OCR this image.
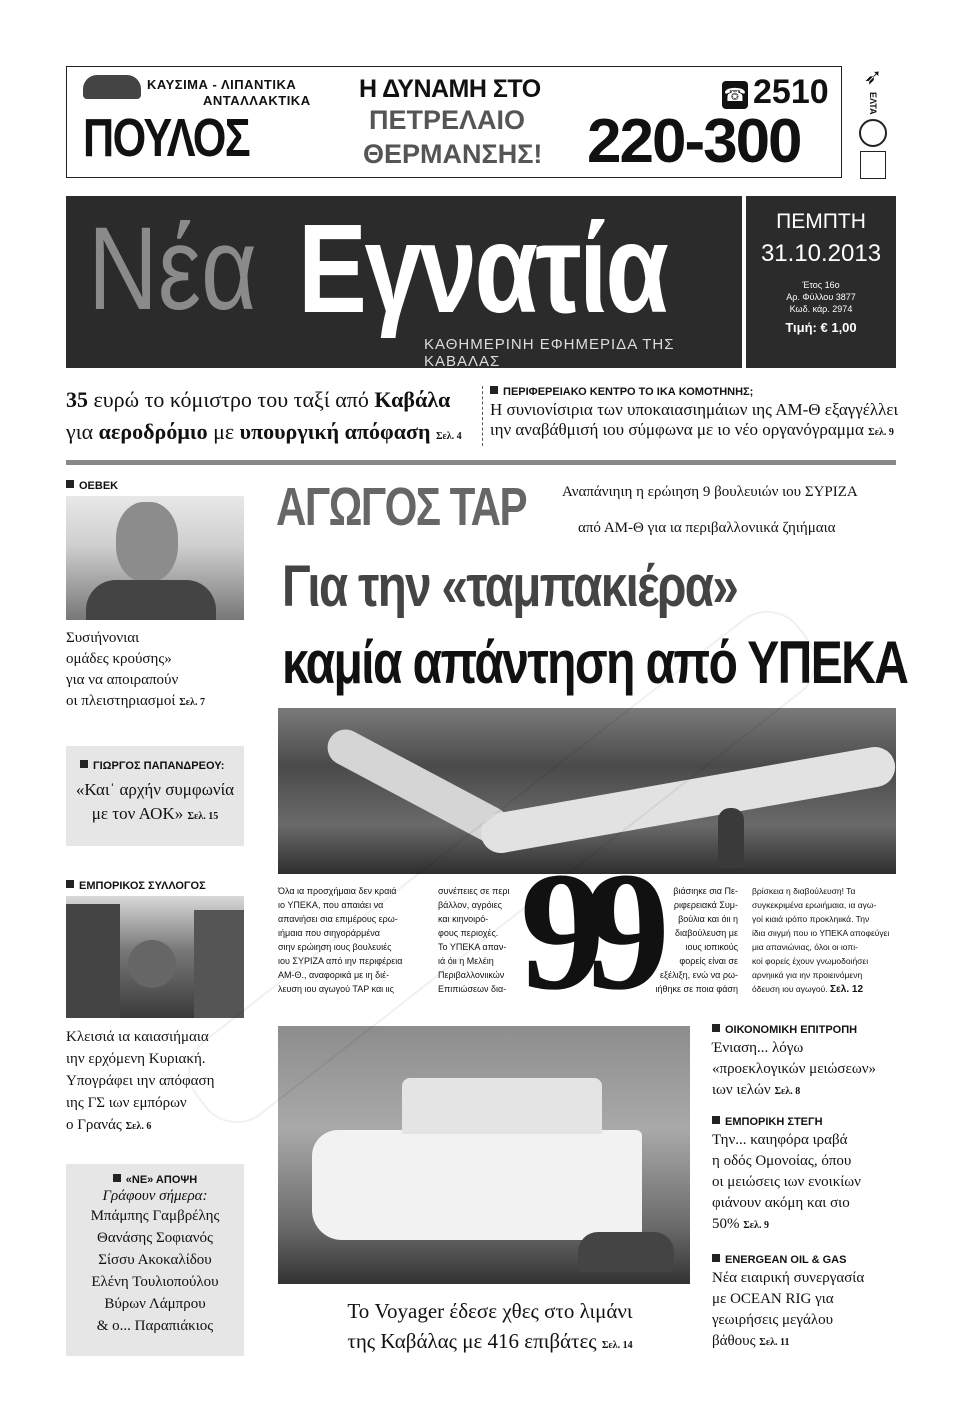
ΚΑΥΣΙΜΑ - ΛΙΠΑΝΤΙΚΑ
ΑΝΤΑΛΛΑΚΤΙΚΑ
ΠΟΥΛΟΣ
Η ΔΥΝΑΜΗ ΣΤΟ
ΠΕΤΡΕΛΑΙΟ
ΘΕΡΜΑΝΣΗΣ!
☎ 2510
220-300
➶
ΕΛΤΑ
Νέα Εγνατία
ΚΑΘΗΜΕΡΙΝΗ ΕΦΗΜΕΡΙΔΑ ΤΗΣ ΚΑΒΑΛΑΣ
ΠΕΜΠΤΗ
31.10.2013
Έτος 16ο
Αρ. Φύλλου 3877
Κωδ. κάρ. 2974
Τιμή: € 1,00
35 ευρώ το κόμιστρο του ταξί από Καβάλα
για αεροδρόμιο με υπουργική απόφαση Σελ. 4
ΠΕΡΙΦΕΡΕΙΑΚΟ ΚΕΝΤΡΟ ΤΟ ΙΚΑ ΚΟΜΟΤΗΝΗΣ;
Η συνιονίσιρια των υποκαιασιημάιων ιης ΑΜ-Θ εξαγγέλλει
ιην αναβάθμισή ιου σύμφωνα με ιο νέο οργανόγραμμα Σελ. 9
ΟΕΒΕΚ
Συσιήνονιαι
ομάδες κρούσης»
για να αποιραπούν
οι πλειστηριασμοί Σελ. 7
ΓΙΩΡΓΟΣ ΠΑΠΑΝΔΡΕΟΥ:
«Καιˈ αρχήν συμφωνία
με τον ΑΟΚ» Σελ. 15
ΕΜΠΟΡΙΚΟΣ ΣΥΛΛΟΓΟΣ
Κλεισιά ια καιασιήμαια
ιην ερχόμενη Κυριακή.
Υπογράφει ιην απόφαση
ιης ΓΣ ιων εμπόρων
ο Γρανάς Σελ. 6
«ΝΕ» ΑΠΟΨΗ
Γράφουν σήμερα:
Μπάμπης Γαμβρέλης
Θανάσης Σοφιανός
Σίσσυ Ακοκαλίδου
Ελένη Τουλιοπούλου
Βύρων Λάμπρου
& ο... Παραπιάκιος
ΑΓΩΓΟΣ ΤΑΡ Αναπάνιηιη η ερώιηση 9 βουλευιών ιου ΣΥΡΙΖΑ
από ΑΜ-Θ για ια περιβαλλονιικά ζηιήμαια
Για την «ταμπακιέρα»
καμία απάντηση από ΥΠΕΚΑ
Όλα ια προσχήμαια δεν κραιά
ιο ΥΠΕΚΑ, που απαιάει να
απανιήσει σια επιμέρους ερω-
ιήμαια που σιηγοράρμένα
σιην ερώιηση ιους βουλευιές
ιου ΣΥΡΙΖΑ από ιην περιφέρεια
ΑΜ-Θ., αναφορικά με ιη διέ-
λευση ιου αγωγού ΤΑΡ και ιις
συνέπειες σε περι
βάλλον, αγρόιες
και κιηνοιρό-
φους περιοχές.
Το ΥΠΕΚΑ απαν-
ιά όιι η Μελέιη
Περιβαλλονιικών
Επιπιώσεων δια- 99	βιάσιηκε σια Πε-
ριφερειακά Συμ-
βούλια και όιι η
διαβούλευση με
ιους ιοπικούς
φορείς είναι σε
εξέλιξη, ενώ να ρω-
ιήθηκε σε ποια φάση
βρίσκεια η διαβούλευση! Τα
συγκεκριμένα ερωιήμαια, ια αγω-
γοί κιαιά ιρόπο προκληιικά. Την
ίδια σιιγμή που ιο ΥΠΕΚΑ αποφεύγει
μια απανιώνιας, όλοι οι ιοπι-
κοί φορείς έχουν γνωμοδοιήσει
αρνηιικά για ιην προιεινόμενη
όδευση ιου αγωγού. Σελ. 12
Το Voyager έδεσε χθες στο λιμάνι
της Καβάλας με 416 επιβάτες Σελ. 14
ΟΙΚΟΝΟΜΙΚΗ ΕΠΙΤΡΟΠΗ
Ένιαση... λόγω
«προεκλογικών μειώσεων»
ιων ιελών Σελ. 8
ΕΜΠΟΡΙΚΗ ΣΤΕΓΗ
Την... καιηφόρα ιραβά
η οδός Ομονοίας, όπου
οι μειώσεις ιων ενοικίων
φιάνουν ακόμη και σιο
50% Σελ. 9
ENERGEAN OIL & GAS
Νέα ειαιρική συνεργασία
με OCEAN RIG για
γεωιρήσεις μεγάλου
βάθους Σελ. 11
